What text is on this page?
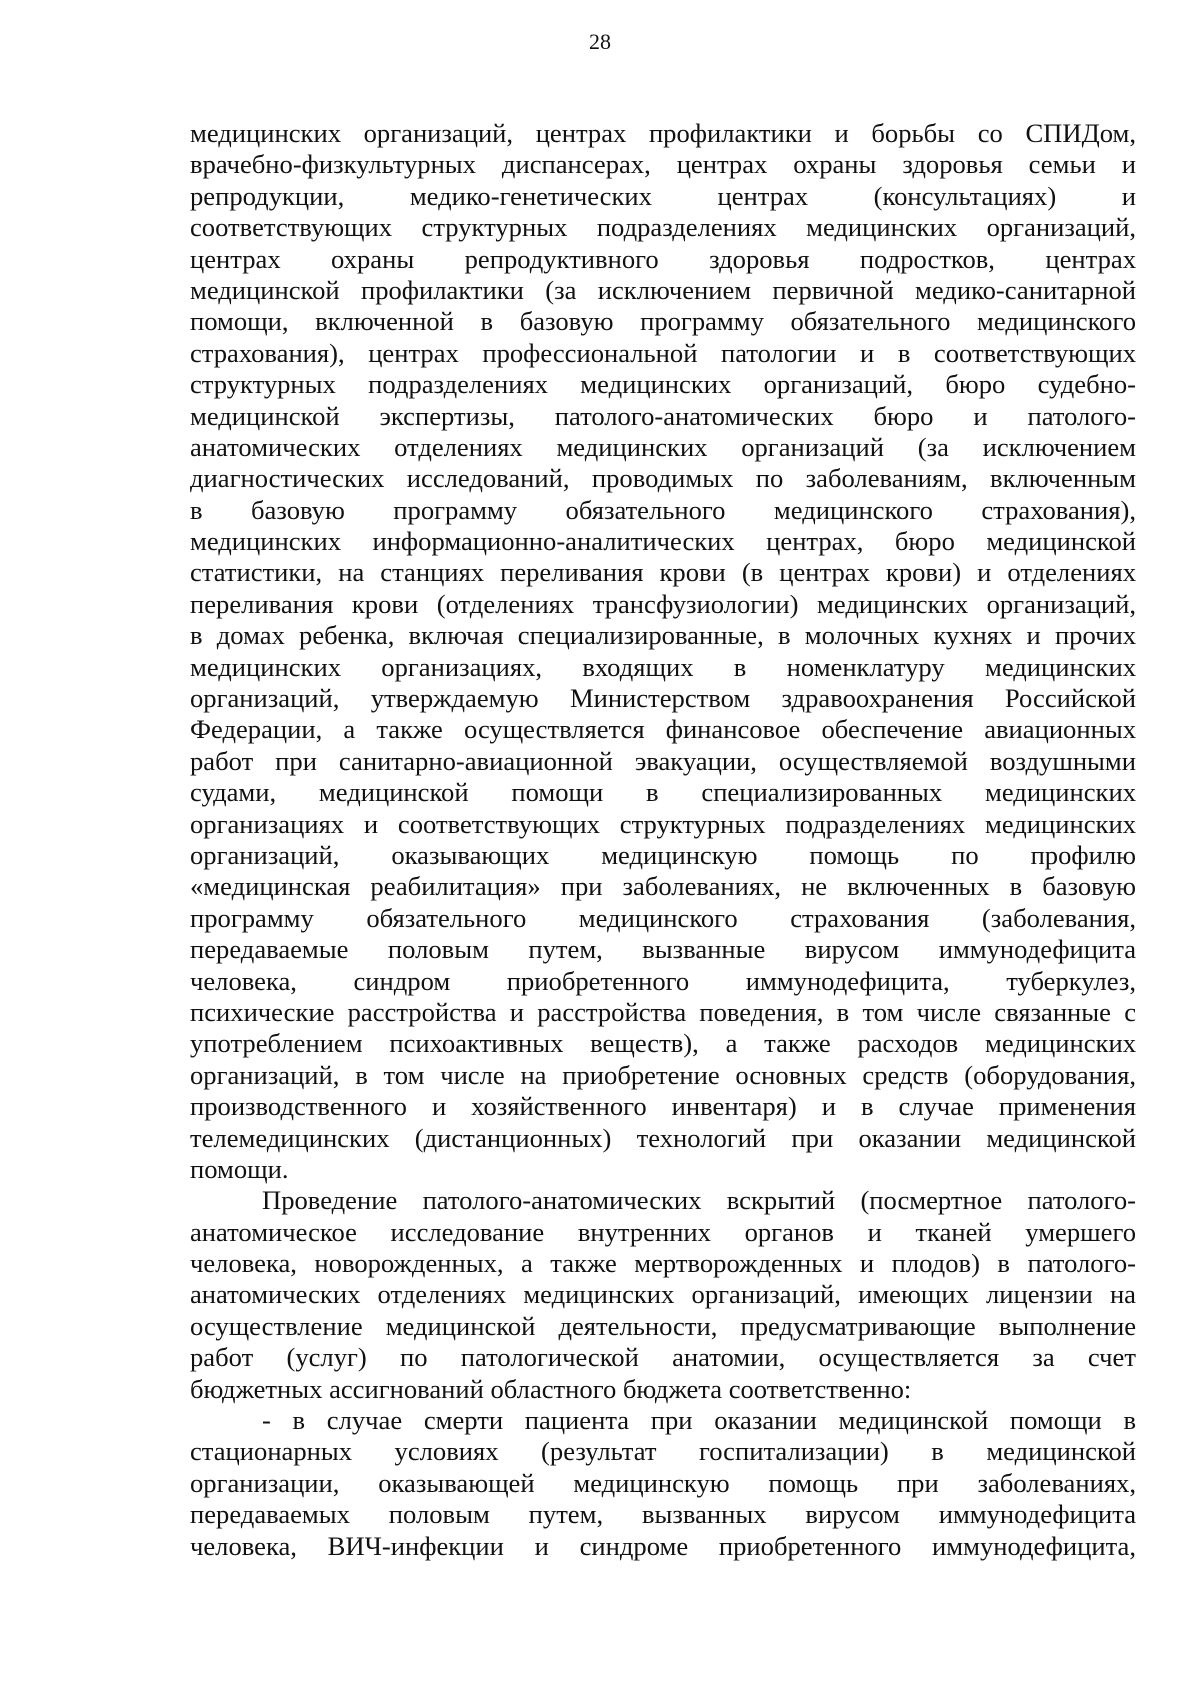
28
медицинских организаций, центрах профилактики и борьбы со СПИДом,
врачебно-физкультурных диспансерах, центрах охраны здоровья семьи и
репродукции, медико-генетических центрах (консультациях) и
соответствующих структурных подразделениях медицинских организаций,
центрах охраны репродуктивного здоровья подростков, центрах
медицинской профилактики (за исключением первичной медико-санитарной
помощи, включенной в базовую программу обязательного медицинского
страхования), центрах профессиональной патологии и в соответствующих
структурных подразделениях медицинских организаций, бюро судебно-
медицинской экспертизы, патолого-анатомических бюро и патолого-
анатомических отделениях медицинских организаций (за исключением
диагностических исследований, проводимых по заболеваниям, включенным
в базовую программу обязательного медицинского страхования),
медицинских информационно-аналитических центрах, бюро медицинской
статистики, на станциях переливания крови (в центрах крови) и отделениях
переливания крови (отделениях трансфузиологии) медицинских организаций,
в домах ребенка, включая специализированные, в молочных кухнях и прочих
медицинских организациях, входящих в номенклатуру медицинских
организаций, утверждаемую Министерством здравоохранения Российской
Федерации, а также осуществляется финансовое обеспечение авиационных
работ при санитарно-авиационной эвакуации, осуществляемой воздушными
судами, медицинской помощи в специализированных медицинских
организациях и соответствующих структурных подразделениях медицинских
организаций, оказывающих медицинскую помощь по профилю
«медицинская реабилитация» при заболеваниях, не включенных в базовую
программу обязательного медицинского страхования (заболевания,
передаваемые половым путем, вызванные вирусом иммунодефицита
человека, синдром приобретенного иммунодефицита, туберкулез,
психические расстройства и расстройства поведения, в том числе связанные с
употреблением психоактивных веществ), а также расходов медицинских
организаций, в том числе на приобретение основных средств (оборудования,
производственного и хозяйственного инвентаря) и в случае применения
телемедицинских (дистанционных) технологий при оказании медицинской
помощи.
Проведение патолого-анатомических вскрытий (посмертное патолого-
анатомическое исследование внутренних органов и тканей умершего
человека, новорожденных, а также мертворожденных и плодов) в патолого-
анатомических отделениях медицинских организаций, имеющих лицензии на
осуществление медицинской деятельности, предусматривающие выполнение
работ (услуг) по патологической анатомии, осуществляется за счет
бюджетных ассигнований областного бюджета соответственно:
- в случае смерти пациента при оказании медицинской помощи в
стационарных условиях (результат госпитализации) в медицинской
организации, оказывающей медицинскую помощь при заболеваниях,
передаваемых половым путем, вызванных вирусом иммунодефицита
человека, ВИЧ-инфекции и синдроме приобретенного иммунодефицита,
